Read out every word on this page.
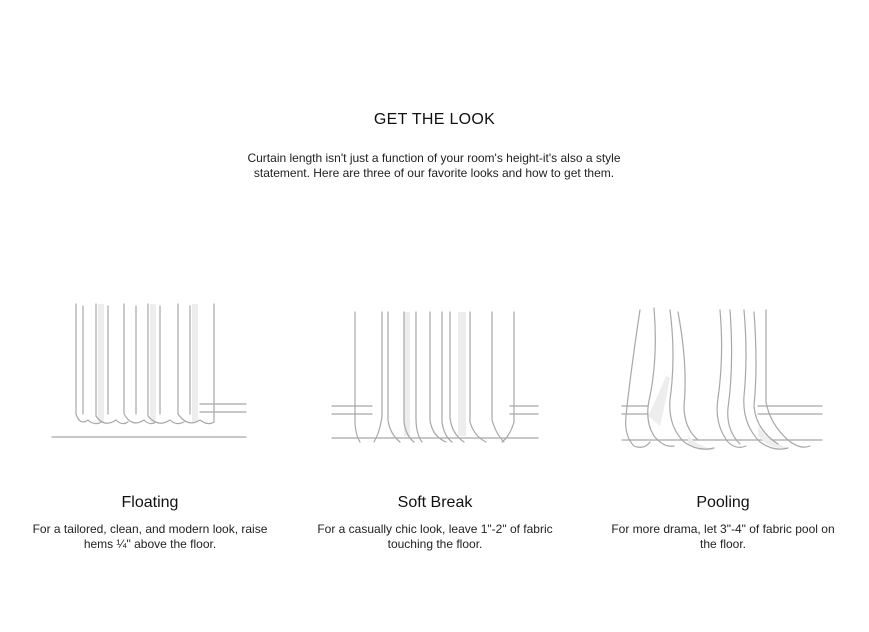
GET THE LOOK
Curtain length isn't just a function of your room's height-it's also a style statement. Here are three of our favorite looks and how to get them.
Floating
For a tailored, clean, and modern look, raise hems ¼" above the floor.
Soft Break
For a casually chic look, leave 1"-2" of fabric touching the floor.
Pooling
For more drama, let 3"-4" of fabric pool on the floor.
